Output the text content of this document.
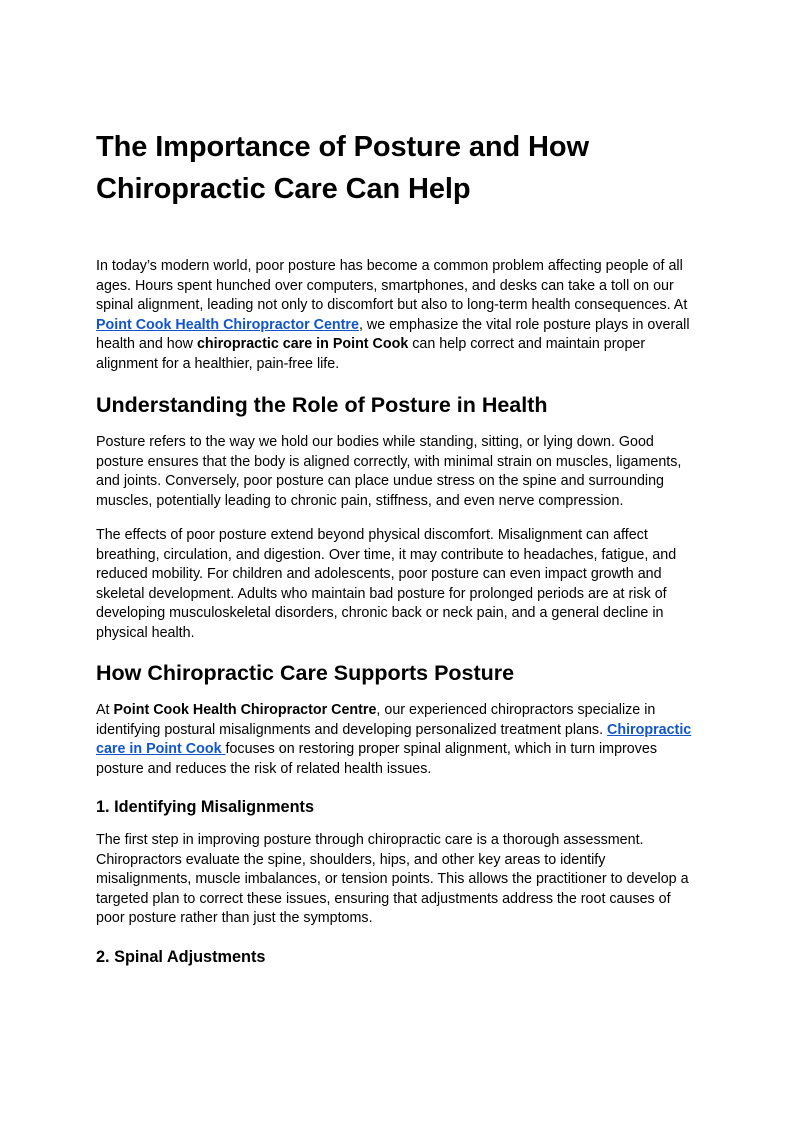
The Importance of Posture and How Chiropractic Care Can Help

In today’s modern world, poor posture has become a common problem affecting people of all ages. Hours spent hunched over computers, smartphones, and desks can take a toll on our spinal alignment, leading not only to discomfort but also to long-term health consequences. At Point Cook Health Chiropractor Centre, we emphasize the vital role posture plays in overall health and how chiropractic care in Point Cook can help correct and maintain proper alignment for a healthier, pain-free life.

Understanding the Role of Posture in Health

Posture refers to the way we hold our bodies while standing, sitting, or lying down. Good posture ensures that the body is aligned correctly, with minimal strain on muscles, ligaments, and joints. Conversely, poor posture can place undue stress on the spine and surrounding muscles, potentially leading to chronic pain, stiffness, and even nerve compression.

The effects of poor posture extend beyond physical discomfort. Misalignment can affect breathing, circulation, and digestion. Over time, it may contribute to headaches, fatigue, and reduced mobility. For children and adolescents, poor posture can even impact growth and skeletal development. Adults who maintain bad posture for prolonged periods are at risk of developing musculoskeletal disorders, chronic back or neck pain, and a general decline in physical health.

How Chiropractic Care Supports Posture

At Point Cook Health Chiropractor Centre, our experienced chiropractors specialize in identifying postural misalignments and developing personalized treatment plans. Chiropractic care in Point Cook focuses on restoring proper spinal alignment, which in turn improves posture and reduces the risk of related health issues.

1. Identifying Misalignments

The first step in improving posture through chiropractic care is a thorough assessment. Chiropractors evaluate the spine, shoulders, hips, and other key areas to identify misalignments, muscle imbalances, or tension points. This allows the practitioner to develop a targeted plan to correct these issues, ensuring that adjustments address the root causes of poor posture rather than just the symptoms.

2. Spinal Adjustments
